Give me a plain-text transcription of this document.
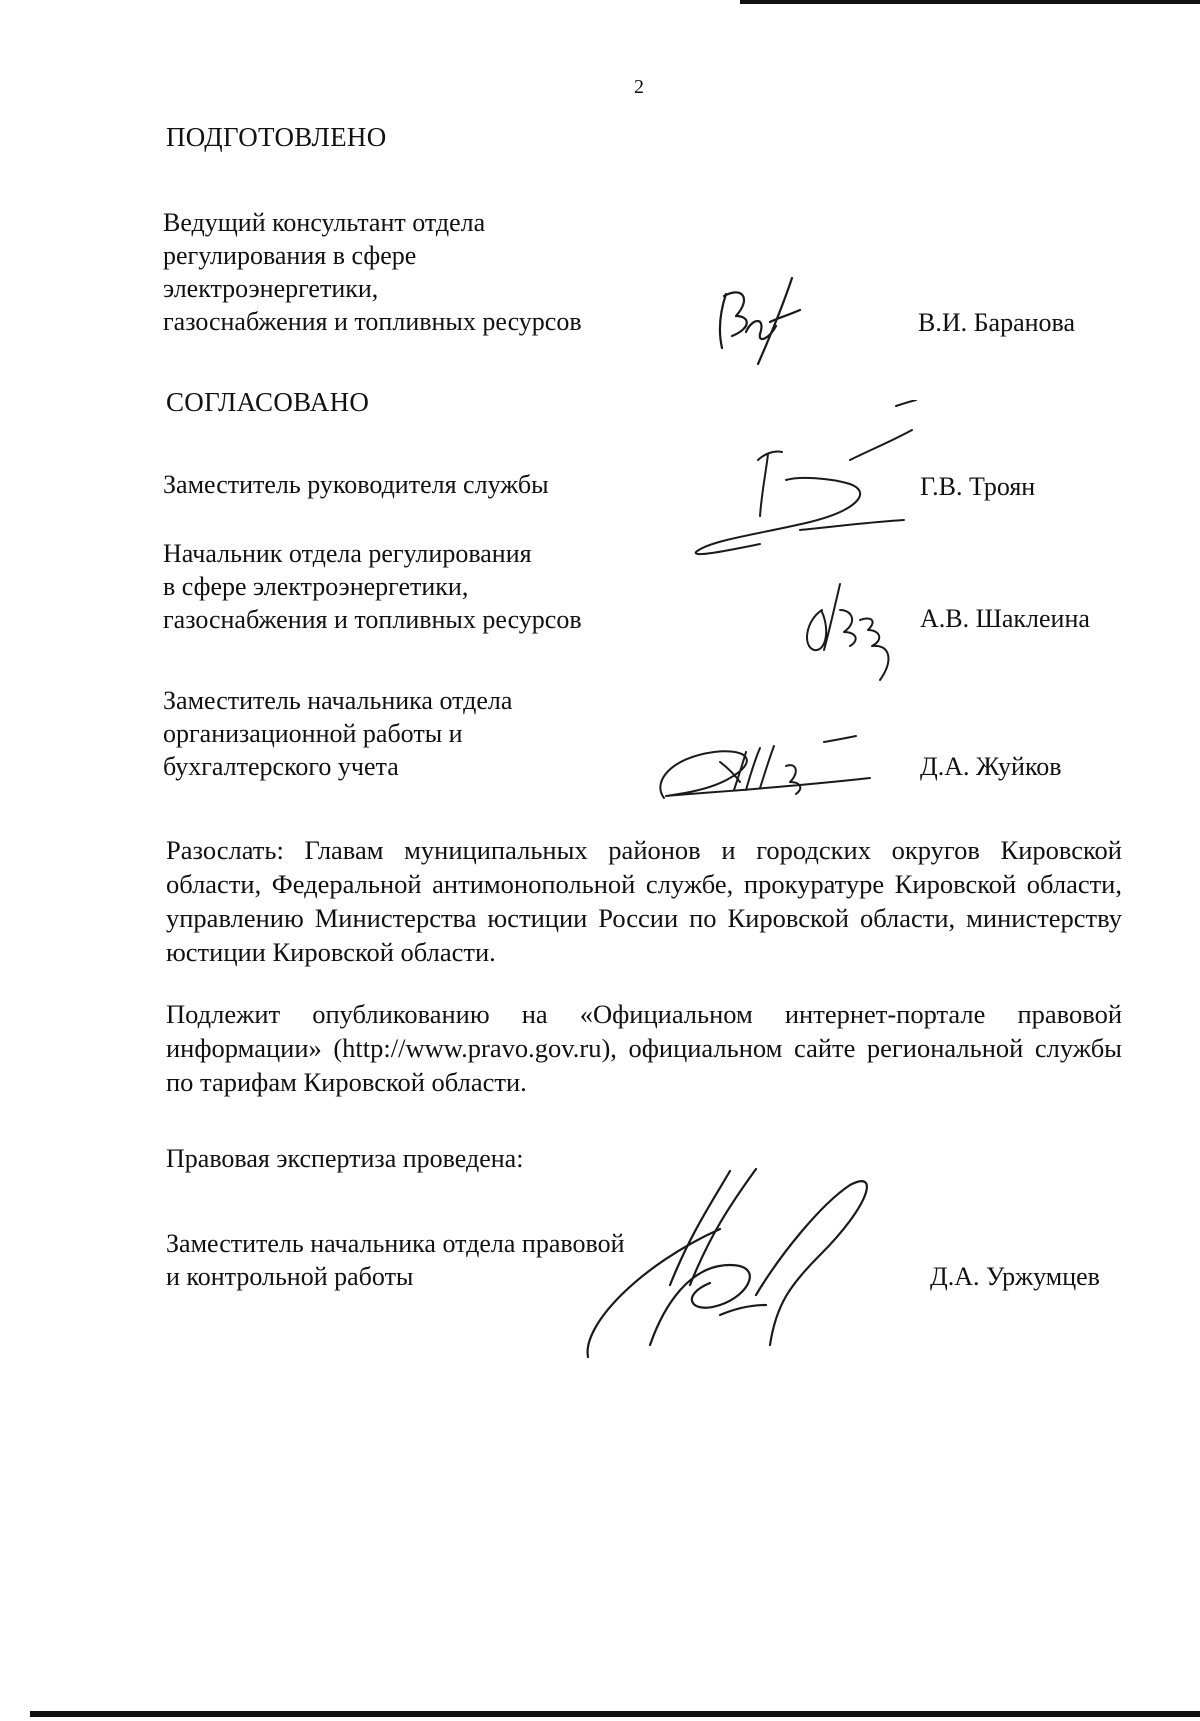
2
ПОДГОТОВЛЕНО
Ведущий консультант отдела
регулирования в сфере
электроэнергетики,
газоснабжения и топливных ресурсов	В.И. Баранова
СОГЛАСОВАНО
Заместитель руководителя службы	Г.В. Троян
Начальник отдела регулирования
в сфере электроэнергетики,
газоснабжения и топливных ресурсов	А.В. Шаклеина
Заместитель начальника отдела
организационной работы и
бухгалтерского учета	Д.А. Жуйков
Разослать: Главам муниципальных районов и городских округов Кировской области, Федеральной антимонопольной службе, прокуратуре Кировской области, управлению Министерства юстиции России по Кировской области, министерству юстиции Кировской области.
Подлежит опубликованию на «Официальном интернет-портале правовой информации» (http://www.pravo.gov.ru), официальном сайте региональной службы по тарифам Кировской области.
Правовая экспертиза проведена:
Заместитель начальника отдела правовой
и контрольной работы	Д.А. Уржумцев
